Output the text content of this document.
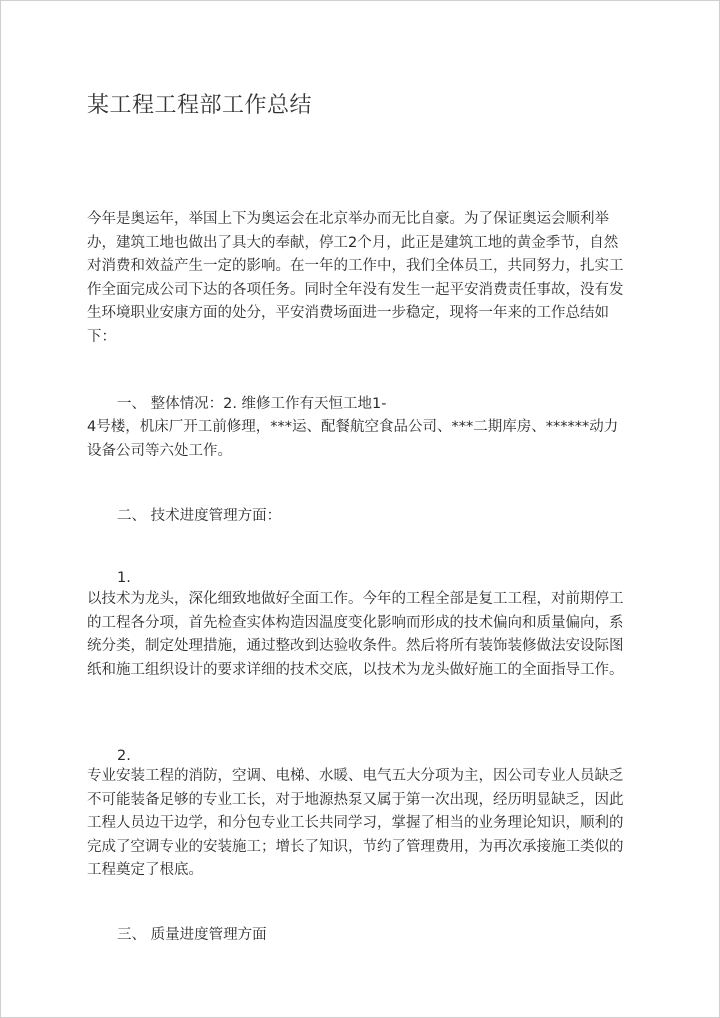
某工程工程部工作总结
今年是奥运年，举国上下为奥运会在北京举办而无比自豪。为了保证奥运会顺利举办，建筑工地也做出了具大的奉献，停工2个月，此正是建筑工地的黄金季节，自然对消费和效益产生一定的影响。在一年的工作中，我们全体员工，共同努力，扎实工作全面完成公司下达的各项任务。同时全年没有发生一起平安消费责任事故，没有发生环境职业安康方面的处分，平安消费场面进一步稳定，现将一年来的工作总结如下：
一、 整体情况：2. 维修工作有天恒工地1-
4号楼，机床厂开工前修理，***运、配餐航空食品公司、***二期库房、******动力设备公司等六处工作。
二、 技术进度管理方面：
1.
以技术为龙头，深化细致地做好全面工作。今年的工程全部是复工工程，对前期停工的工程各分项，首先检查实体构造因温度变化影响而形成的技术偏向和质量偏向，系统分类，制定处理措施，通过整改到达验收条件。然后将所有装饰装修做法安设际图纸和施工组织设计的要求详细的技术交底，以技术为龙头做好施工的全面指导工作。
2.
专业安装工程的消防，空调、电梯、水暖、电气五大分项为主，因公司专业人员缺乏不可能装备足够的专业工长，对于地源热泵又属于第一次出现，经历明显缺乏，因此工程人员边干边学，和分包专业工长共同学习，掌握了相当的业务理论知识，顺利的完成了空调专业的安装施工；增长了知识，节约了管理费用，为再次承接施工类似的工程奠定了根底。
三、 质量进度管理方面
